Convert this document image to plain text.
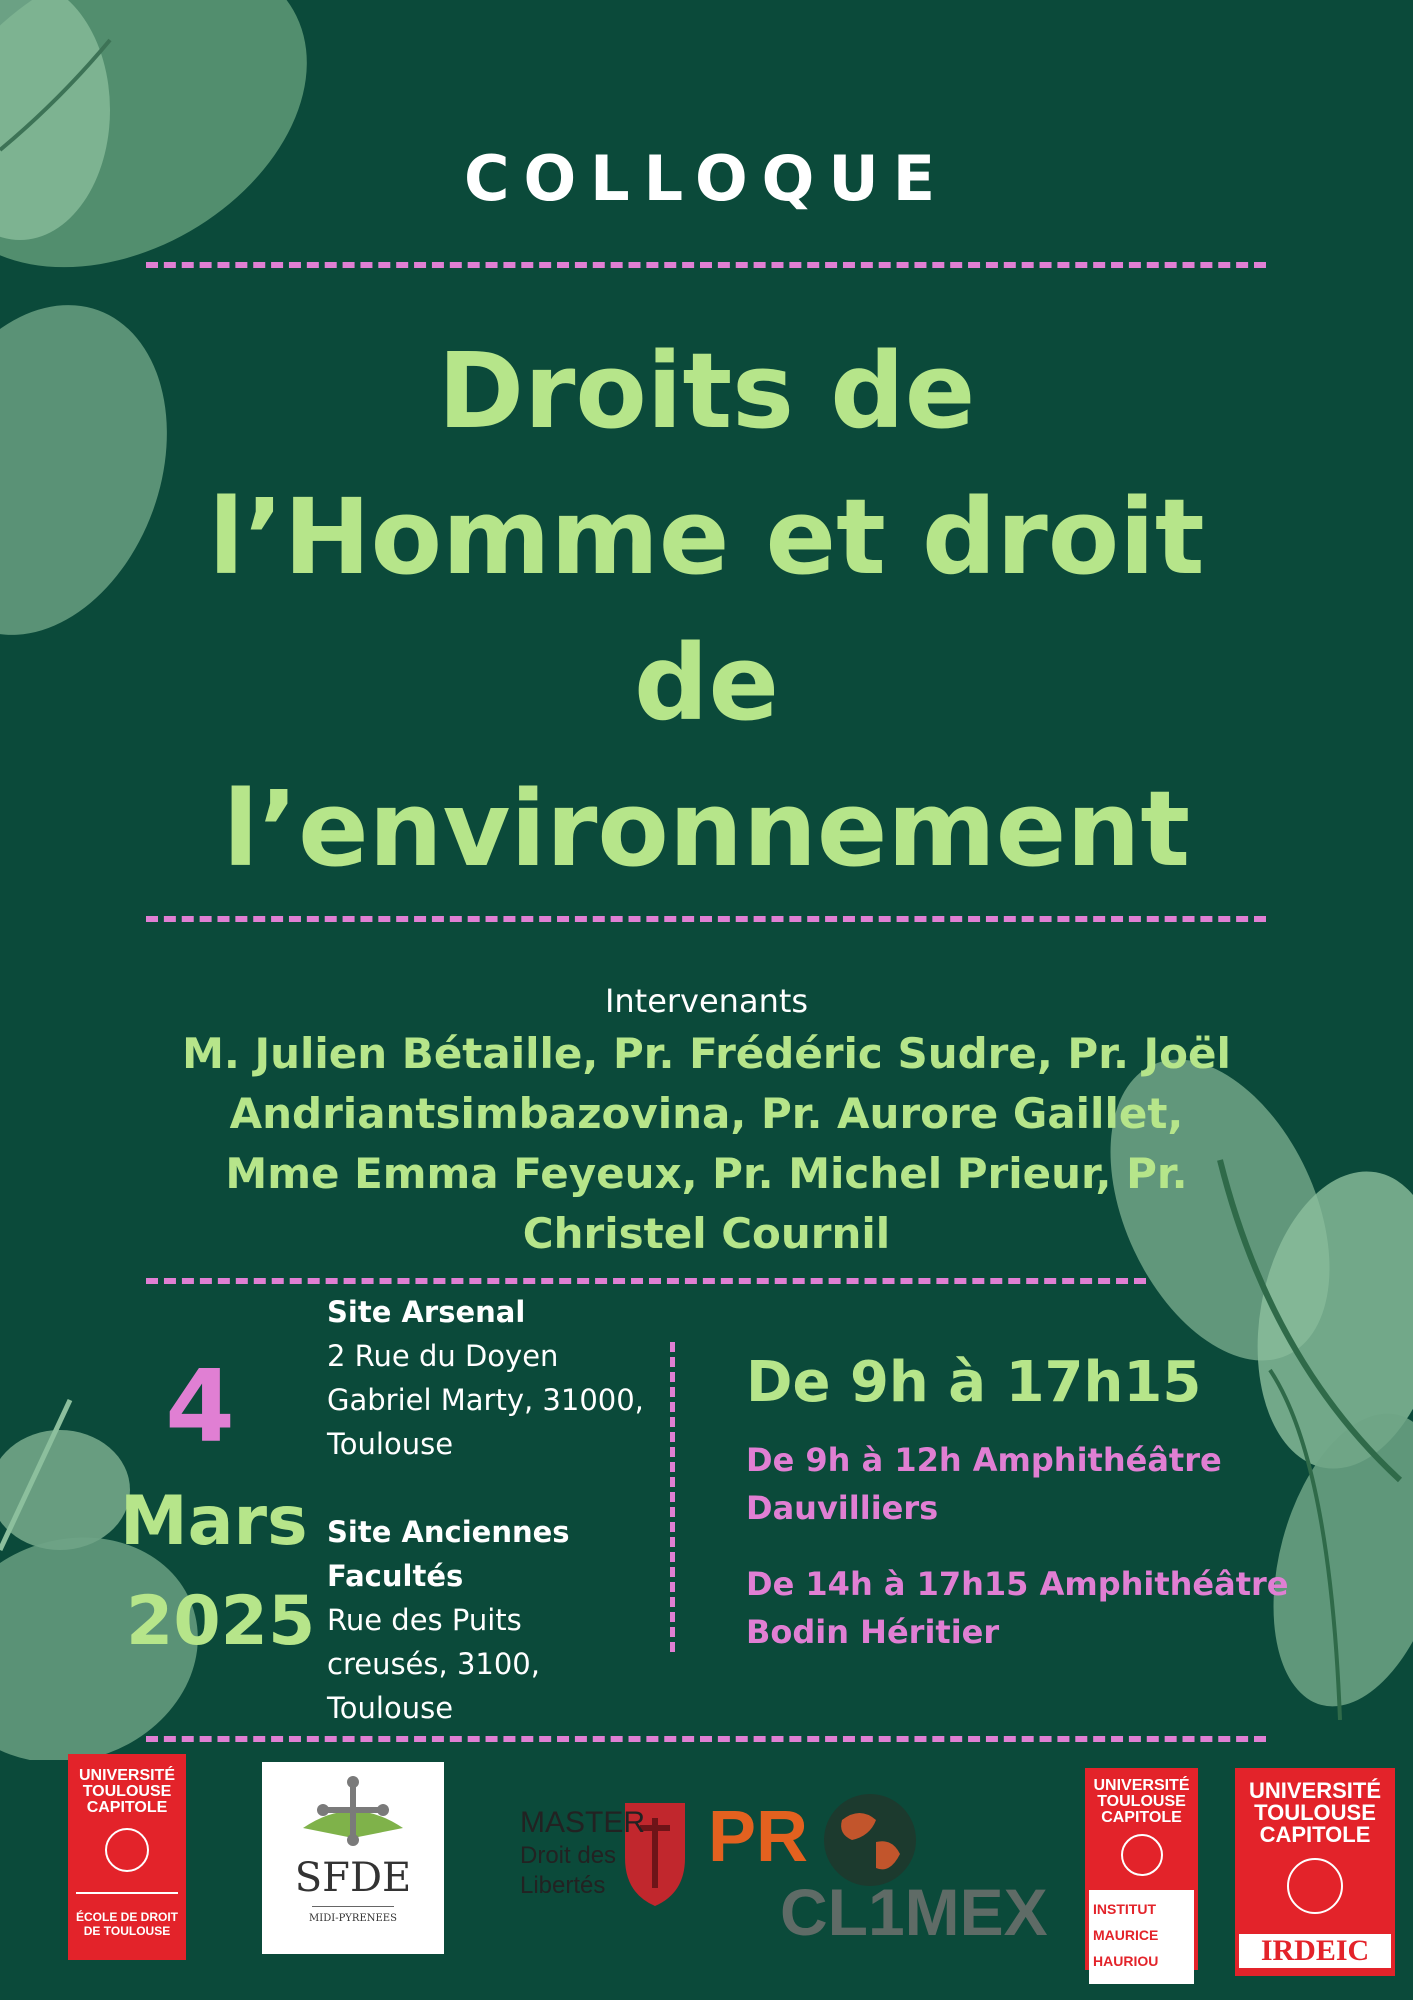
COLLOQUE
Droits de
l’Homme et droit
de
l’environnement
Intervenants
M. Julien Bétaille, Pr. Frédéric Sudre, Pr. Joël Andriantsimbazovina, Pr. Aurore Gaillet, Mme Emma Feyeux, Pr. Michel Prieur, Pr. Christel Cournil
4
Mars
2025
Site Arsenal
2 Rue du Doyen
Gabriel Marty, 31000,
Toulouse
Site Anciennes
Facultés
Rue des Puits
creusés, 3100,
Toulouse
De 9h à 17h15
De 9h à 12h Amphithéâtre
Dauvilliers
De 14h à 17h15 Amphithéâtre
Bodin Héritier
UNIVERSITÉ
TOULOUSE
CAPITOLE
ÉCOLE DE DROIT
DE TOULOUSE
SFDE
MIDI-PYRENEES
MASTER
Droit des
Libertés
PR
CL1MEX
UNIVERSITÉ
TOULOUSE
CAPITOLE
INSTITUT
MAURICE
HAURIOU
UNIVERSITÉ
TOULOUSE
CAPITOLE
IRDEIC
